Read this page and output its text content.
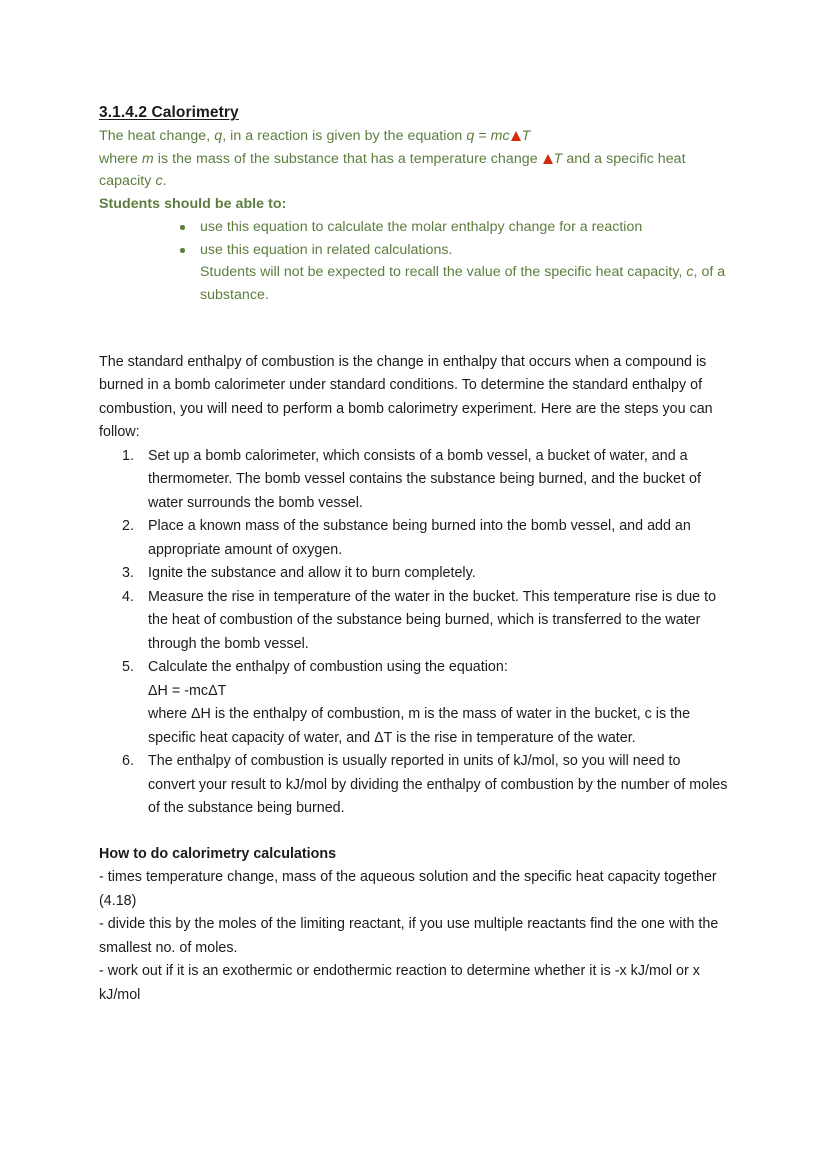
3.1.4.2 Calorimetry

The heat change, q, in a reaction is given by the equation q = mc T

where m is the mass of the substance that has a temperature change T and a specific heat capacity c.

Students should be able to:

use this equation to calculate the molar enthalpy change for a reaction
use this equation in related calculations.
Students will not be expected to recall the value of the specific heat capacity, c, of a substance.

The standard enthalpy of combustion is the change in enthalpy that occurs when a compound is burned in a bomb calorimeter under standard conditions. To determine the standard enthalpy of combustion, you will need to perform a bomb calorimetry experiment. Here are the steps you can follow:

Set up a bomb calorimeter, which consists of a bomb vessel, a bucket of water, and a thermometer. The bomb vessel contains the substance being burned, and the bucket of water surrounds the bomb vessel.
Place a known mass of the substance being burned into the bomb vessel, and add an appropriate amount of oxygen.
Ignite the substance and allow it to burn completely.
Measure the rise in temperature of the water in the bucket. This temperature rise is due to the heat of combustion of the substance being burned, which is transferred to the water through the bomb vessel.
Calculate the enthalpy of combustion using the equation:
ΔH = -mcΔT
where ΔH is the enthalpy of combustion, m is the mass of water in the bucket, c is the specific heat capacity of water, and ΔT is the rise in temperature of the water.
The enthalpy of combustion is usually reported in units of kJ/mol, so you will need to convert your result to kJ/mol by dividing the enthalpy of combustion by the number of moles of the substance being burned.

How to do calorimetry calculations

- times temperature change, mass of the aqueous solution and the specific heat capacity together (4.18)

- divide this by the moles of the limiting reactant, if you use multiple reactants find the one with the smallest no. of moles.

- work out if it is an exothermic or endothermic reaction to determine whether it is -x kJ/mol or x kJ/mol
